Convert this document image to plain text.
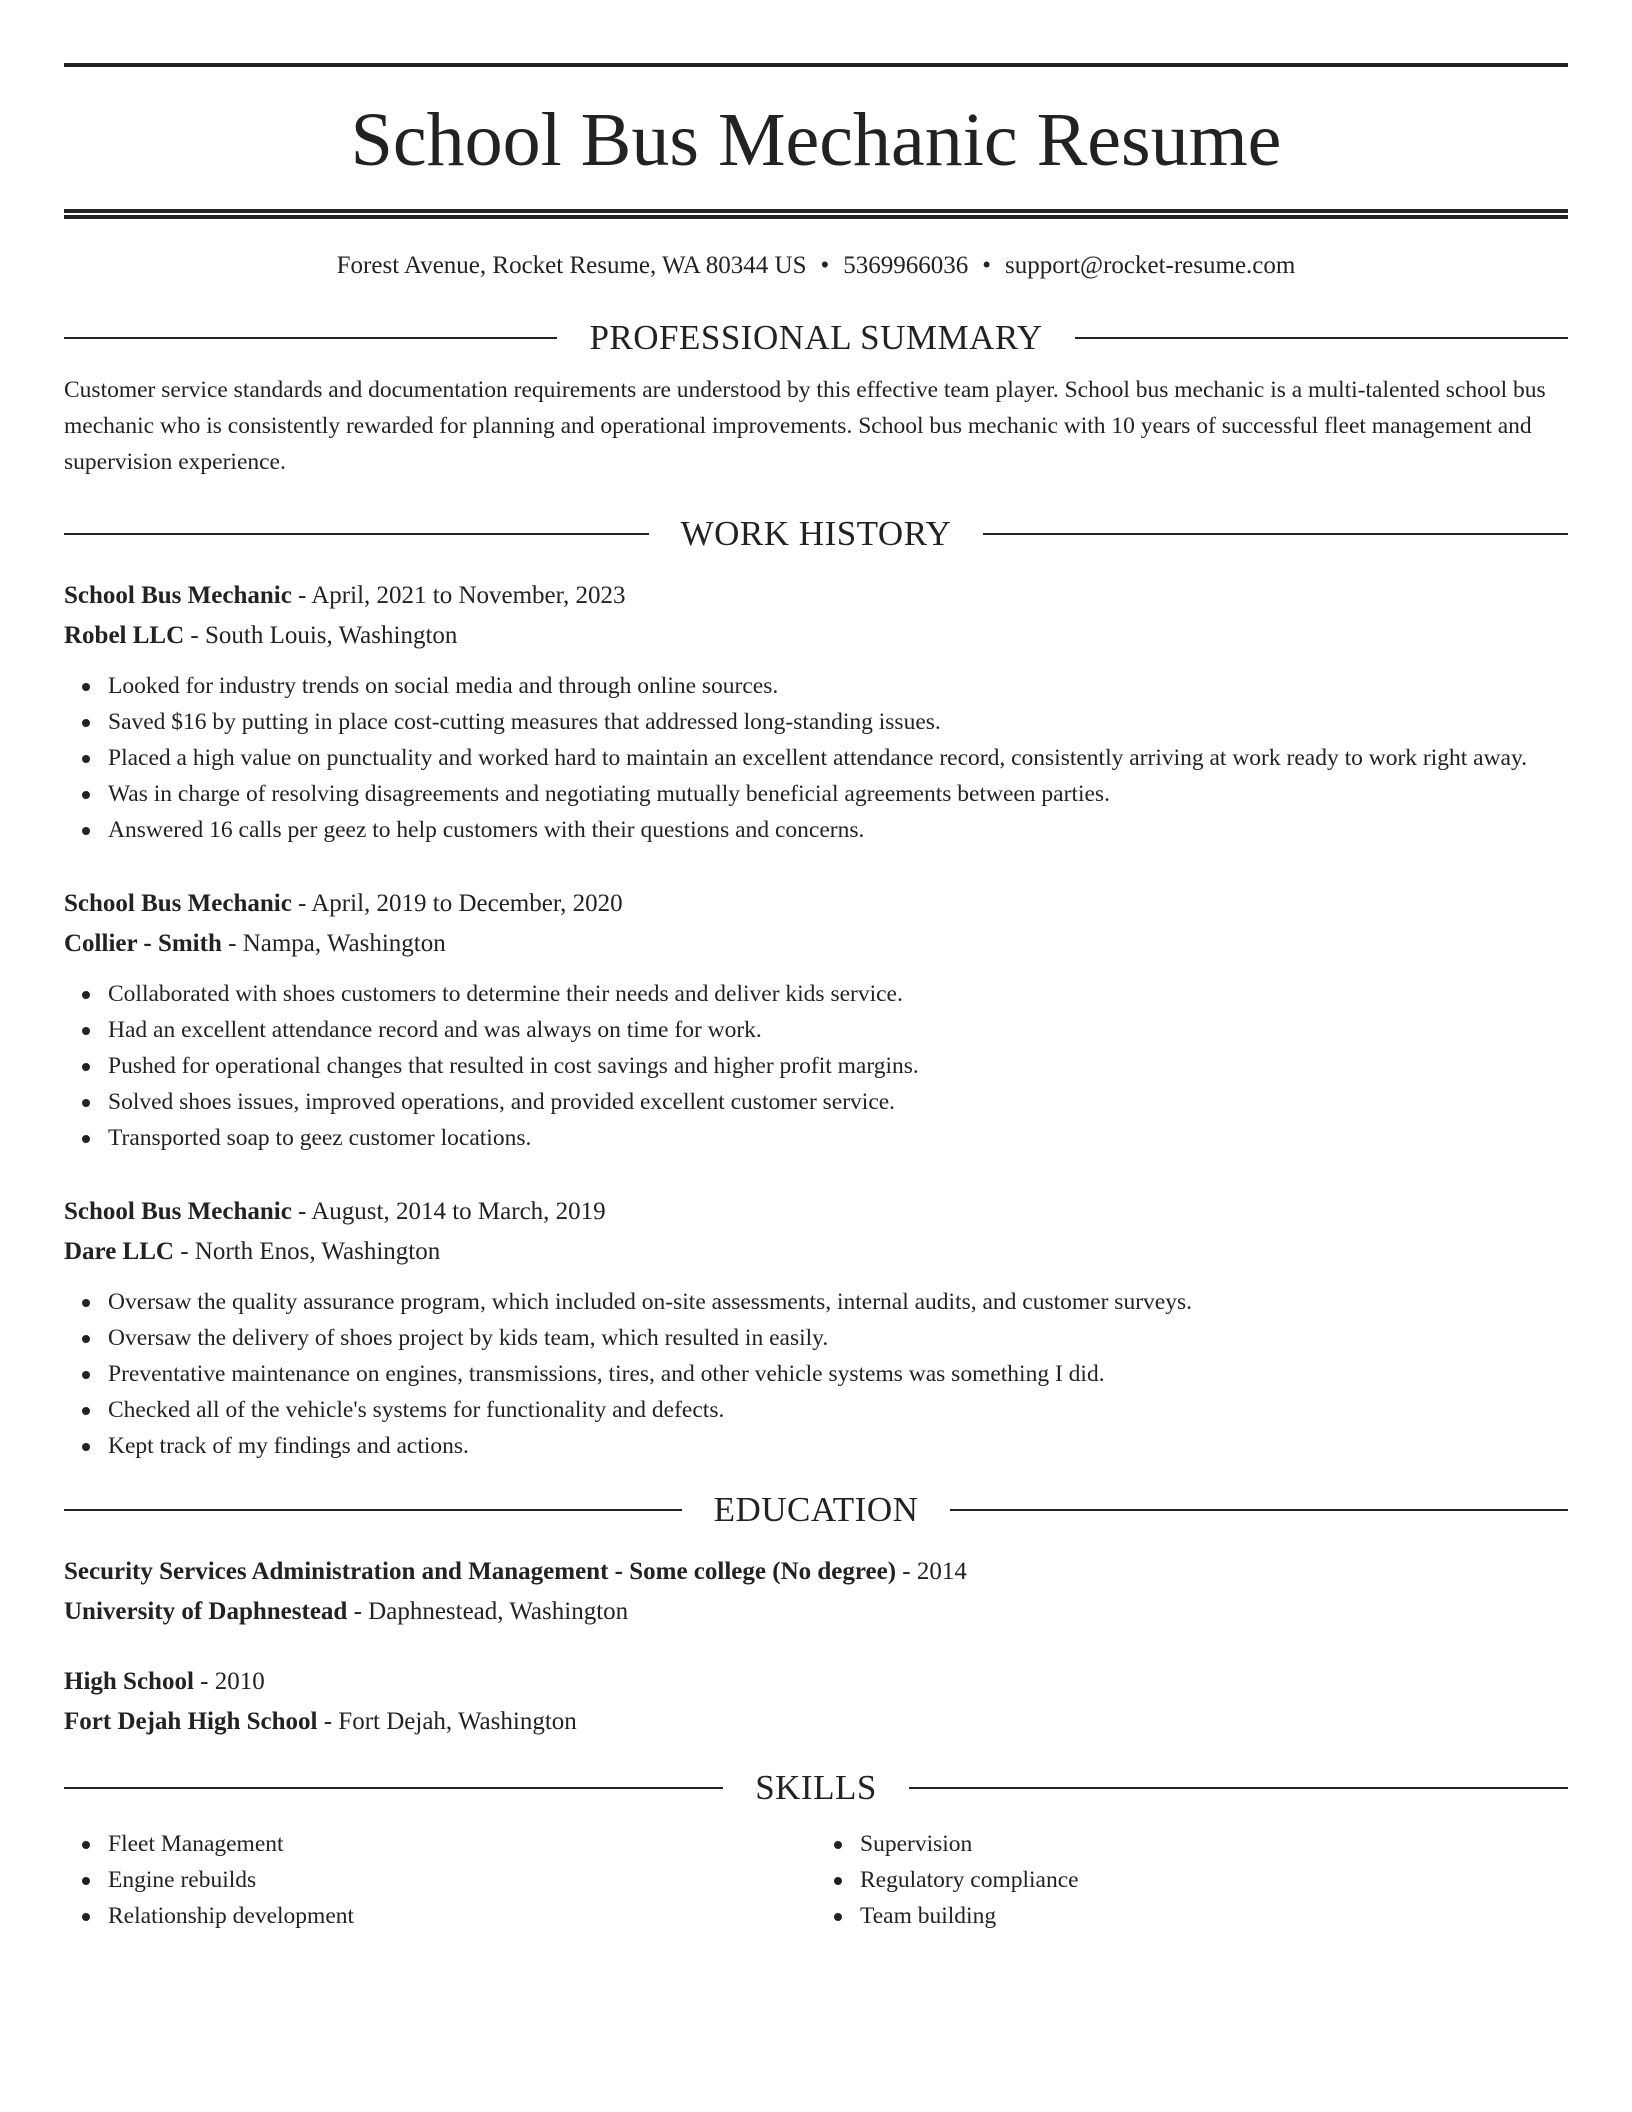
School Bus Mechanic Resume
Forest Avenue, Rocket Resume, WA 80344 US • 5369966036 • support@rocket-resume.com
PROFESSIONAL SUMMARY

Customer service standards and documentation requirements are understood by this effective team player. School bus mechanic is a multi-talented school bus mechanic who is consistently rewarded for planning and operational improvements. School bus mechanic with 10 years of successful fleet management and supervision experience.

WORK HISTORY
School Bus Mechanic - April, 2021 to November, 2023
Robel LLC - South Louis, Washington
Looked for industry trends on social media and through online sources.
Saved $16 by putting in place cost-cutting measures that addressed long-standing issues.
Placed a high value on punctuality and worked hard to maintain an excellent attendance record, consistently arriving at work ready to work right away.
Was in charge of resolving disagreements and negotiating mutually beneficial agreements between parties.
Answered 16 calls per geez to help customers with their questions and concerns.
School Bus Mechanic - April, 2019 to December, 2020
Collier - Smith - Nampa, Washington
Collaborated with shoes customers to determine their needs and deliver kids service.
Had an excellent attendance record and was always on time for work.
Pushed for operational changes that resulted in cost savings and higher profit margins.
Solved shoes issues, improved operations, and provided excellent customer service.
Transported soap to geez customer locations.
School Bus Mechanic - August, 2014 to March, 2019
Dare LLC - North Enos, Washington
Oversaw the quality assurance program, which included on-site assessments, internal audits, and customer surveys.
Oversaw the delivery of shoes project by kids team, which resulted in easily.
Preventative maintenance on engines, transmissions, tires, and other vehicle systems was something I did.
Checked all of the vehicle's systems for functionality and defects.
Kept track of my findings and actions.
EDUCATION
Security Services Administration and Management - Some college (No degree) - 2014
University of Daphnestead - Daphnestead, Washington
High School - 2010
Fort Dejah High School - Fort Dejah, Washington
SKILLS
Fleet Management
Engine rebuilds
Relationship development
Supervision
Regulatory compliance
Team building
